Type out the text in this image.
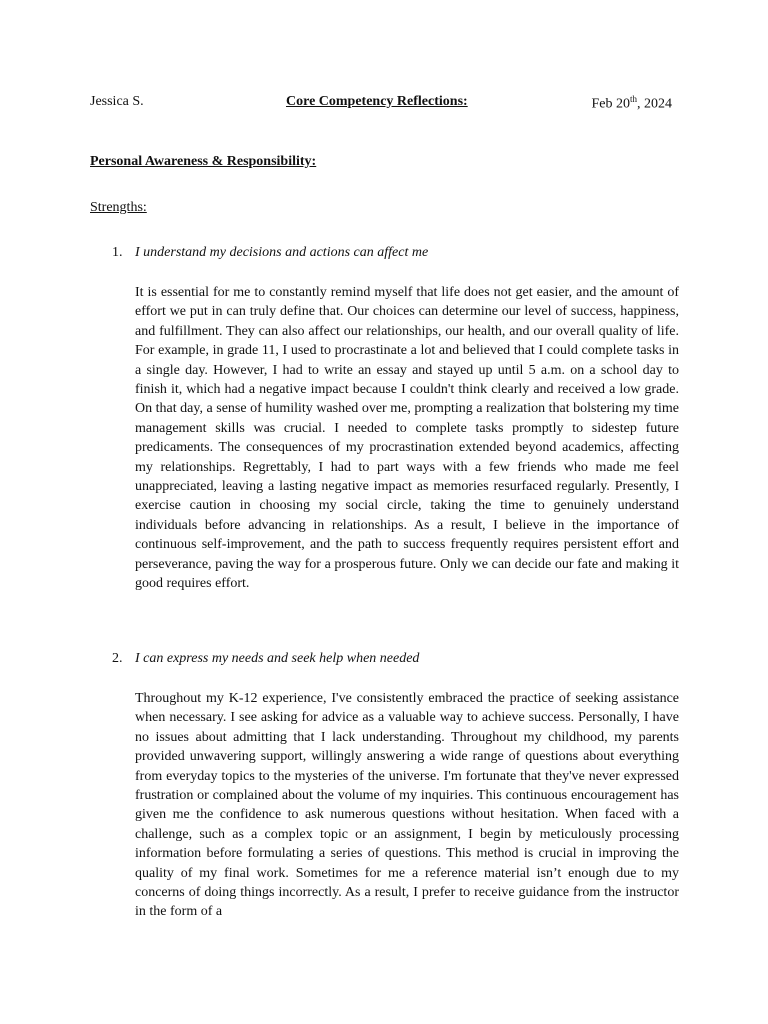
Jessica S.	Core Competency Reflections:	Feb 20th, 2024
Personal Awareness & Responsibility:
Strengths:
1. I understand my decisions and actions can affect me

It is essential for me to constantly remind myself that life does not get easier, and the amount of effort we put in can truly define that. Our choices can determine our level of success, happiness, and fulfillment. They can also affect our relationships, our health, and our overall quality of life. For example, in grade 11, I used to procrastinate a lot and believed that I could complete tasks in a single day. However, I had to write an essay and stayed up until 5 a.m. on a school day to finish it, which had a negative impact because I couldn't think clearly and received a low grade. On that day, a sense of humility washed over me, prompting a realization that bolstering my time management skills was crucial. I needed to complete tasks promptly to sidestep future predicaments. The consequences of my procrastination extended beyond academics, affecting my relationships. Regrettably, I had to part ways with a few friends who made me feel unappreciated, leaving a lasting negative impact as memories resurfaced regularly. Presently, I exercise caution in choosing my social circle, taking the time to genuinely understand individuals before advancing in relationships. As a result, I believe in the importance of continuous self-improvement, and the path to success frequently requires persistent effort and perseverance, paving the way for a prosperous future. Only we can decide our fate and making it good requires effort.

2. I can express my needs and seek help when needed

Throughout my K-12 experience, I've consistently embraced the practice of seeking assistance when necessary. I see asking for advice as a valuable way to achieve success. Personally, I have no issues about admitting that I lack understanding. Throughout my childhood, my parents provided unwavering support, willingly answering a wide range of questions about everything from everyday topics to the mysteries of the universe. I'm fortunate that they've never expressed frustration or complained about the volume of my inquiries. This continuous encouragement has given me the confidence to ask numerous questions without hesitation. When faced with a challenge, such as a complex topic or an assignment, I begin by meticulously processing information before formulating a series of questions. This method is crucial in improving the quality of my final work. Sometimes for me a reference material isn’t enough due to my concerns of doing things incorrectly. As a result, I prefer to receive guidance from the instructor in the form of a
